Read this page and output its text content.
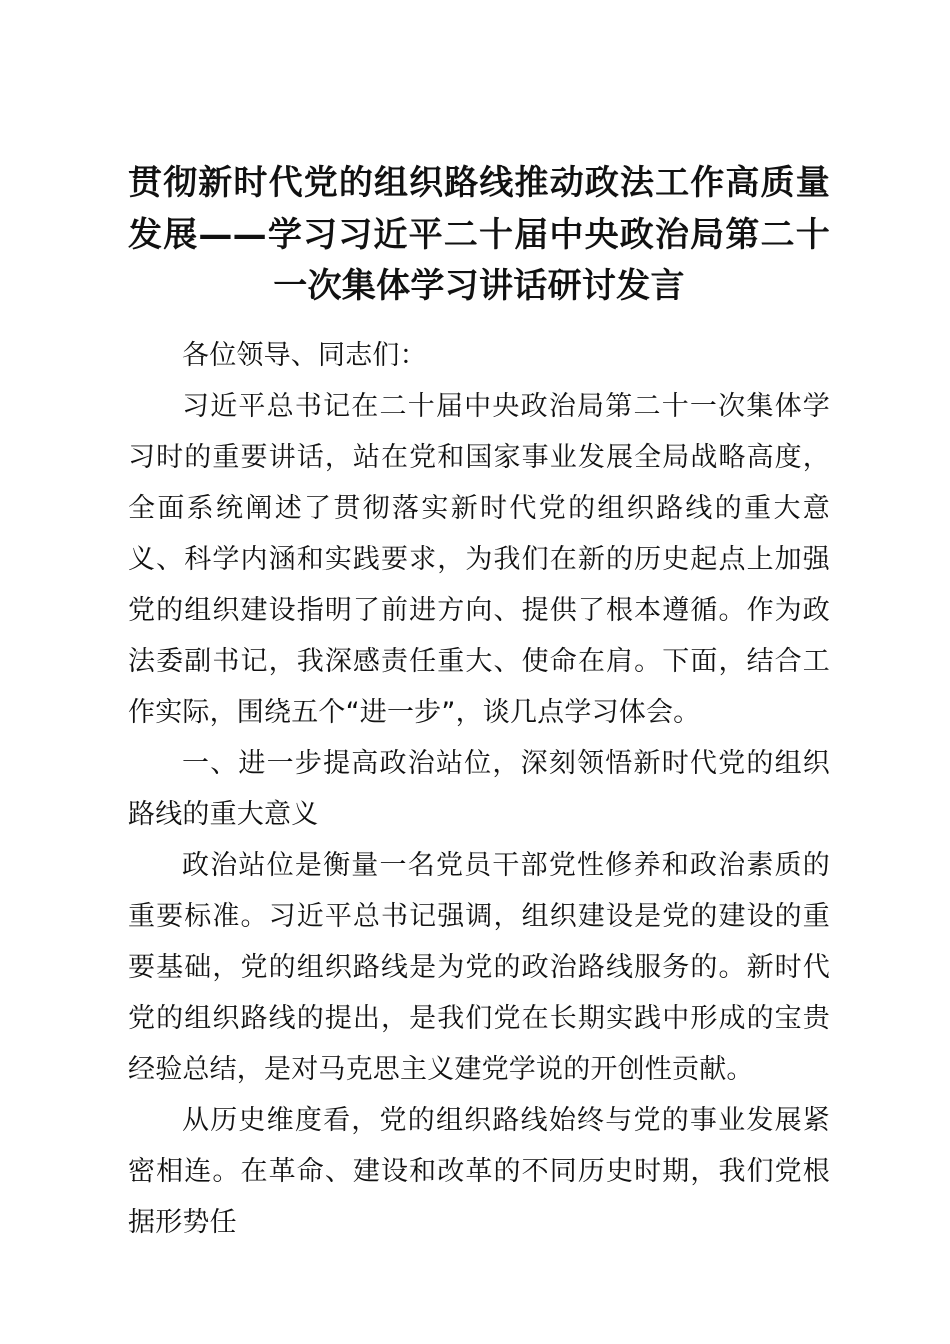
贯彻新时代党的组织路线推动政法工作高质量发展——学习习近平二十届中央政治局第二十一次集体学习讲话研讨发言

各位领导、同志们：

习近平总书记在二十届中央政治局第二十一次集体学习时的重要讲话，站在党和国家事业发展全局战略高度，全面系统阐述了贯彻落实新时代党的组织路线的重大意义、科学内涵和实践要求，为我们在新的历史起点上加强党的组织建设指明了前进方向、提供了根本遵循。作为政法委副书记，我深感责任重大、使命在肩。下面，结合工作实际，围绕五个“进一步”，谈几点学习体会。

一、进一步提高政治站位，深刻领悟新时代党的组织路线的重大意义

政治站位是衡量一名党员干部党性修养和政治素质的重要标准。习近平总书记强调，组织建设是党的建设的重要基础，党的组织路线是为党的政治路线服务的。新时代党的组织路线的提出，是我们党在长期实践中形成的宝贵经验总结，是对马克思主义建党学说的开创性贡献。

从历史维度看，党的组织路线始终与党的事业发展紧密相连。在革命、建设和改革的不同历史时期，我们党根据形势任
